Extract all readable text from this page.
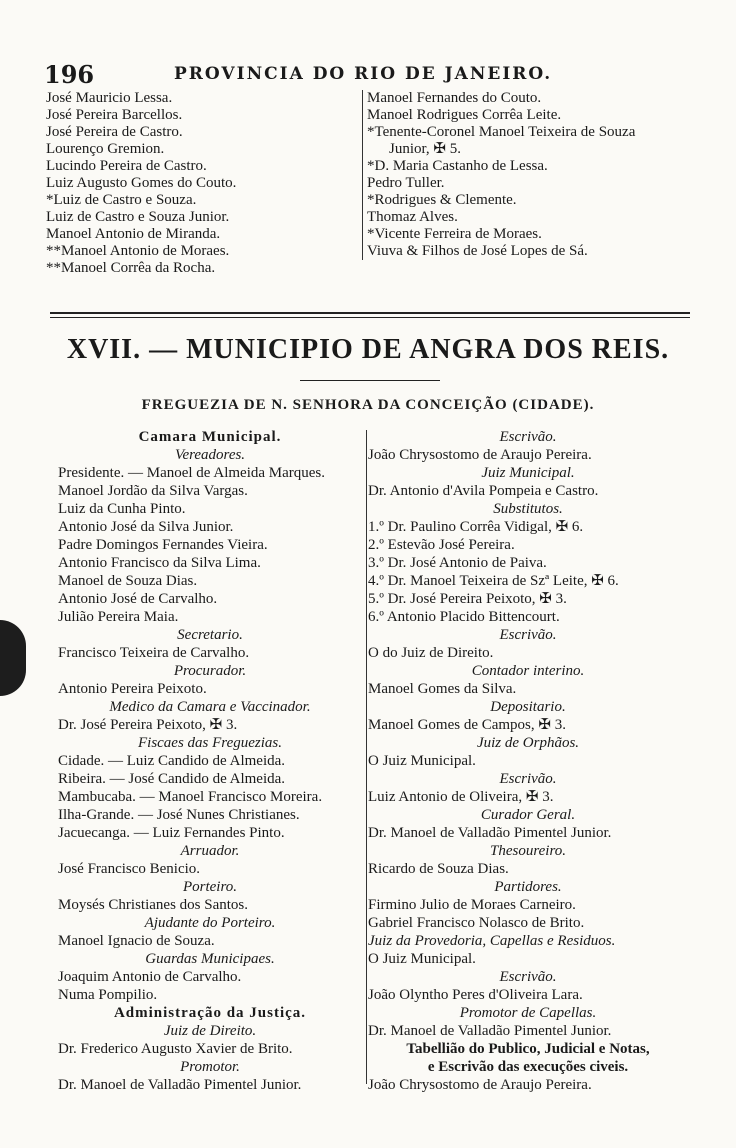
196	PROVINCIA DO RIO DE JANEIRO.
José Mauricio Lessa.
José Pereira Barcellos.
José Pereira de Castro.
Lourenço Gremion.
Lucindo Pereira de Castro.
Luiz Augusto Gomes do Couto.
*Luiz de Castro e Souza.
Luiz de Castro e Souza Junior.
Manoel Antonio de Miranda.
**Manoel Antonio de Moraes.
**Manoel Corrêa da Rocha.
Manoel Fernandes do Couto.
Manoel Rodrigues Corrêa Leite.
*Tenente-Coronel Manoel Teixeira de Souza
Junior, ✠ 5.
*D. Maria Castanho de Lessa.
Pedro Tuller.
*Rodrigues & Clemente.
Thomaz Alves.
*Vicente Ferreira de Moraes.
Viuva & Filhos de José Lopes de Sá.
XVII. — MUNICIPIO DE ANGRA DOS REIS.
FREGUEZIA DE N. SENHORA DA CONCEIÇÃO (CIDADE).
Camara Municipal.
Vereadores.
Presidente. — Manoel de Almeida Marques.
Manoel Jordão da Silva Vargas.
Luiz da Cunha Pinto.
Antonio José da Silva Junior.
Padre Domingos Fernandes Vieira.
Antonio Francisco da Silva Lima.
Manoel de Souza Dias.
Antonio José de Carvalho.
Julião Pereira Maia.
Secretario.
Francisco Teixeira de Carvalho.
Procurador.
Antonio Pereira Peixoto.
Medico da Camara e Vaccinador.
Dr. José Pereira Peixoto, ✠ 3.
Fiscaes das Freguezias.
Cidade. — Luiz Candido de Almeida.
Ribeira. — José Candido de Almeida.
Mambucaba. — Manoel Francisco Moreira.
Ilha-Grande. — José Nunes Christianes.
Jacuecanga. — Luiz Fernandes Pinto.
Arruador.
José Francisco Benicio.
Porteiro.
Moysés Christianes dos Santos.
Ajudante do Porteiro.
Manoel Ignacio de Souza.
Guardas Municipaes.
Joaquim Antonio de Carvalho.
Numa Pompilio.
Administração da Justiça.
Juiz de Direito.
Dr. Frederico Augusto Xavier de Brito.
Promotor.
Dr. Manoel de Valladão Pimentel Junior.
Escrivão.
João Chrysostomo de Araujo Pereira.
Juiz Municipal.
Dr. Antonio d'Avila Pompeia e Castro.
Substitutos.
1.º Dr. Paulino Corrêa Vidigal, ✠ 6.
2.º Estevão José Pereira.
3.º Dr. José Antonio de Paiva.
4.º Dr. Manoel Teixeira de Szª Leite, ✠ 6.
5.º Dr. José Pereira Peixoto, ✠ 3.
6.º Antonio Placido Bittencourt.
Escrivão.
O do Juiz de Direito.
Contador interino.
Manoel Gomes da Silva.
Depositario.
Manoel Gomes de Campos, ✠ 3.
Juiz de Orphãos.
O Juiz Municipal.
Escrivão.
Luiz Antonio de Oliveira, ✠ 3.
Curador Geral.
Dr. Manoel de Valladão Pimentel Junior.
Thesoureiro.
Ricardo de Souza Dias.
Partidores.
Firmino Julio de Moraes Carneiro.
Gabriel Francisco Nolasco de Brito.
Juiz da Provedoria, Capellas e Residuos.
O Juiz Municipal.
Escrivão.
João Olyntho Peres d'Oliveira Lara.
Promotor de Capellas.
Dr. Manoel de Valladão Pimentel Junior.
Tabellião do Publico, Judicial e Notas,
e Escrivão das execuções civeis.
João Chrysostomo de Araujo Pereira.
